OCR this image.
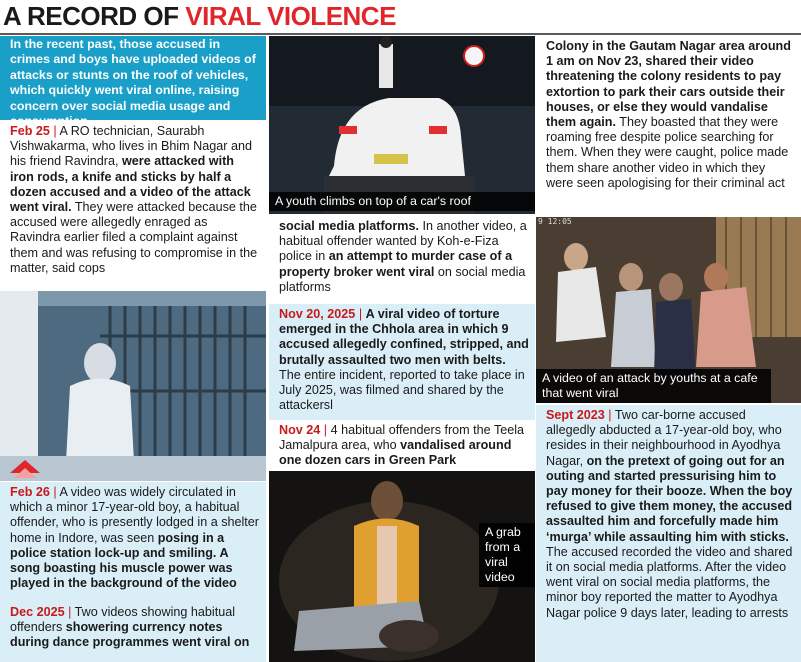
A RECORD OF VIRAL VIOLENCE
In the recent past, those accused in crimes and boys have uploaded videos of attacks or stunts on the roof of vehicles, which quickly went viral online, raising concern over social media usage and
Feb 25 | A RO technician, Saurabh Vishwakarma, who lives in Bhim Nagar and his friend Ravindra, were attacked with iron rods, a knife and sticks by half a dozen accused and a video of the attack went viral. They were attacked because the accused were allegedly enraged as Ravindra earlier filed a complaint against them and was refusing to compromise in the matter, said cops
Feb 26 | A video was widely circulated in which a minor 17-year-old boy, a habitual offender, who is presently lodged in a shelter home in Indore, was seen posing in a police station lock-up and smiling. A song boasting his muscle power was played in the background of the video
Dec 2025 | Two videos showing habitual offenders showering currency notes during dance programmes went viral on
A youth climbs on top of a car's roof
social media platforms. In another video, a habitual offender wanted by Koh-e-Fiza police in an attempt to murder case of a property broker went viral on social media platforms
Nov 20, 2025 | A viral video of torture emerged in the Chhola area in which 9 accused allegedly confined, stripped, and brutally assaulted two men with belts. The entire incident, reported to take place in July 2025, was filmed and shared by the attackersl
Nov 24 | 4 habitual offenders from the Teela Jamalpura area, who vandalised around one dozen cars in Green Park
A grab from a viral video
Colony in the Gautam Nagar area around 1 am on Nov 23, shared their video threatening the colony residents to pay extortion to park their cars outside their houses, or else they would vandalise them again. They boasted that they were roaming free despite police searching for them. When they were caught, police made them share another video in which they were seen apologising for their criminal act
9 12:05
A video of an attack by youths at a cafe that went viral
Sept 2023 | Two car-borne accused allegedly abducted a 17-year-old boy, who resides in their neighbourhood in Ayodhya Nagar, on the pretext of going out for an outing and started pressurising him to pay money for their booze. When the boy refused to give them money, the accused assaulted him and forcefully made him ‘murga’ while assaulting him with sticks. The accused recorded the video and shared it on social media platforms. After the video went viral on social media platforms, the minor boy reported the matter to Ayodhya Nagar police 9 days later, leading to arrests
